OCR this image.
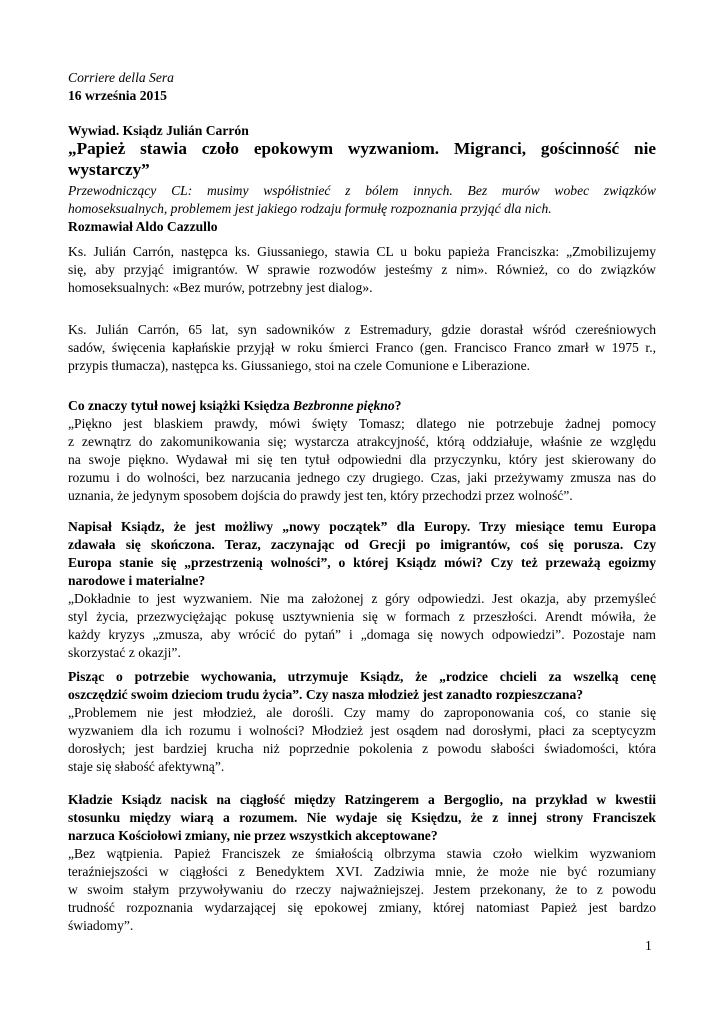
Corriere della Sera
16 września 2015
Wywiad. Ksiądz Julián Carrón
„Papież stawia czoło epokowym wyzwaniom. Migranci, gościnność nie
wystarczy”
Przewodniczący CL: musimy współistnieć z bólem innych. Bez murów wobec związków
homoseksualnych, problemem jest jakiego rodzaju formułę rozpoznania przyjąć dla nich.
Rozmawiał Aldo Cazzullo

Ks. Julián Carrón, następca ks. Giussaniego, stawia CL u boku papieża Franciszka: „Zmobilizujemy

się, aby przyjąć imigrantów. W sprawie rozwodów jesteśmy z nim». Również, co do związków

homoseksualnych: «Bez murów, potrzebny jest dialog».

Ks. Julián Carrón, 65 lat, syn sadowników z Estremadury, gdzie dorastał wśród czereśniowych

sadów, święcenia kapłańskie przyjął w roku śmierci Franco (gen. Francisco Franco zmarł w 1975 r.,

przypis tłumacza), następca ks. Giussaniego, stoi na czele Comunione e Liberazione.

Co znaczy tytuł nowej książki Księdza Bezbronne piękno?

„Piękno jest blaskiem prawdy, mówi święty Tomasz; dlatego nie potrzebuje żadnej pomocy

z zewnątrz do zakomunikowania się; wystarcza atrakcyjność, którą oddziałuje, właśnie ze względu

na swoje piękno. Wydawał mi się ten tytuł odpowiedni dla przyczynku, który jest skierowany do

rozumu i do wolności, bez narzucania jednego czy drugiego. Czas, jaki przeżywamy zmusza nas do

uznania, że jedynym sposobem dojścia do prawdy jest ten, który przechodzi przez wolność”.

Napisał Ksiądz, że jest możliwy „nowy początek” dla Europy. Trzy miesiące temu Europa

zdawała się skończona. Teraz, zaczynając od Grecji po imigrantów, coś się porusza. Czy

Europa stanie się „przestrzenią wolności”, o której Ksiądz mówi? Czy też przeważą egoizmy

narodowe i materialne?

„Dokładnie to jest wyzwaniem. Nie ma założonej z góry odpowiedzi. Jest okazja, aby przemyśleć

styl życia, przezwyciężając pokusę usztywnienia się w formach z przeszłości. Arendt mówiła, że

każdy kryzys „zmusza, aby wrócić do pytań” i „domaga się nowych odpowiedzi”. Pozostaje nam

skorzystać z okazji”.

Pisząc o potrzebie wychowania, utrzymuje Ksiądz, że „rodzice chcieli za wszelką cenę

oszczędzić swoim dzieciom trudu życia”. Czy nasza młodzież jest zanadto rozpieszczana?

„Problemem nie jest młodzież, ale dorośli. Czy mamy do zaproponowania coś, co stanie się

wyzwaniem dla ich rozumu i wolności? Młodzież jest osądem nad dorosłymi, płaci za sceptycyzm

dorosłych; jest bardziej krucha niż poprzednie pokolenia z powodu słabości świadomości, która

staje się słabość afektywną”.

Kładzie Ksiądz nacisk na ciągłość między Ratzingerem a Bergoglio, na przykład w kwestii

stosunku między wiarą a rozumem. Nie wydaje się Księdzu, że z innej strony Franciszek

narzuca Kościołowi zmiany, nie przez wszystkich akceptowane?

„Bez wątpienia. Papież Franciszek ze śmiałością olbrzyma stawia czoło wielkim wyzwaniom

teraźniejszości w ciągłości z Benedyktem XVI. Zadziwia mnie, że może nie być rozumiany

w swoim stałym przywoływaniu do rzeczy najważniejszej. Jestem przekonany, że to z powodu

trudność rozpoznania wydarzającej się epokowej zmiany, której natomiast Papież jest bardzo

świadomy”.

1
